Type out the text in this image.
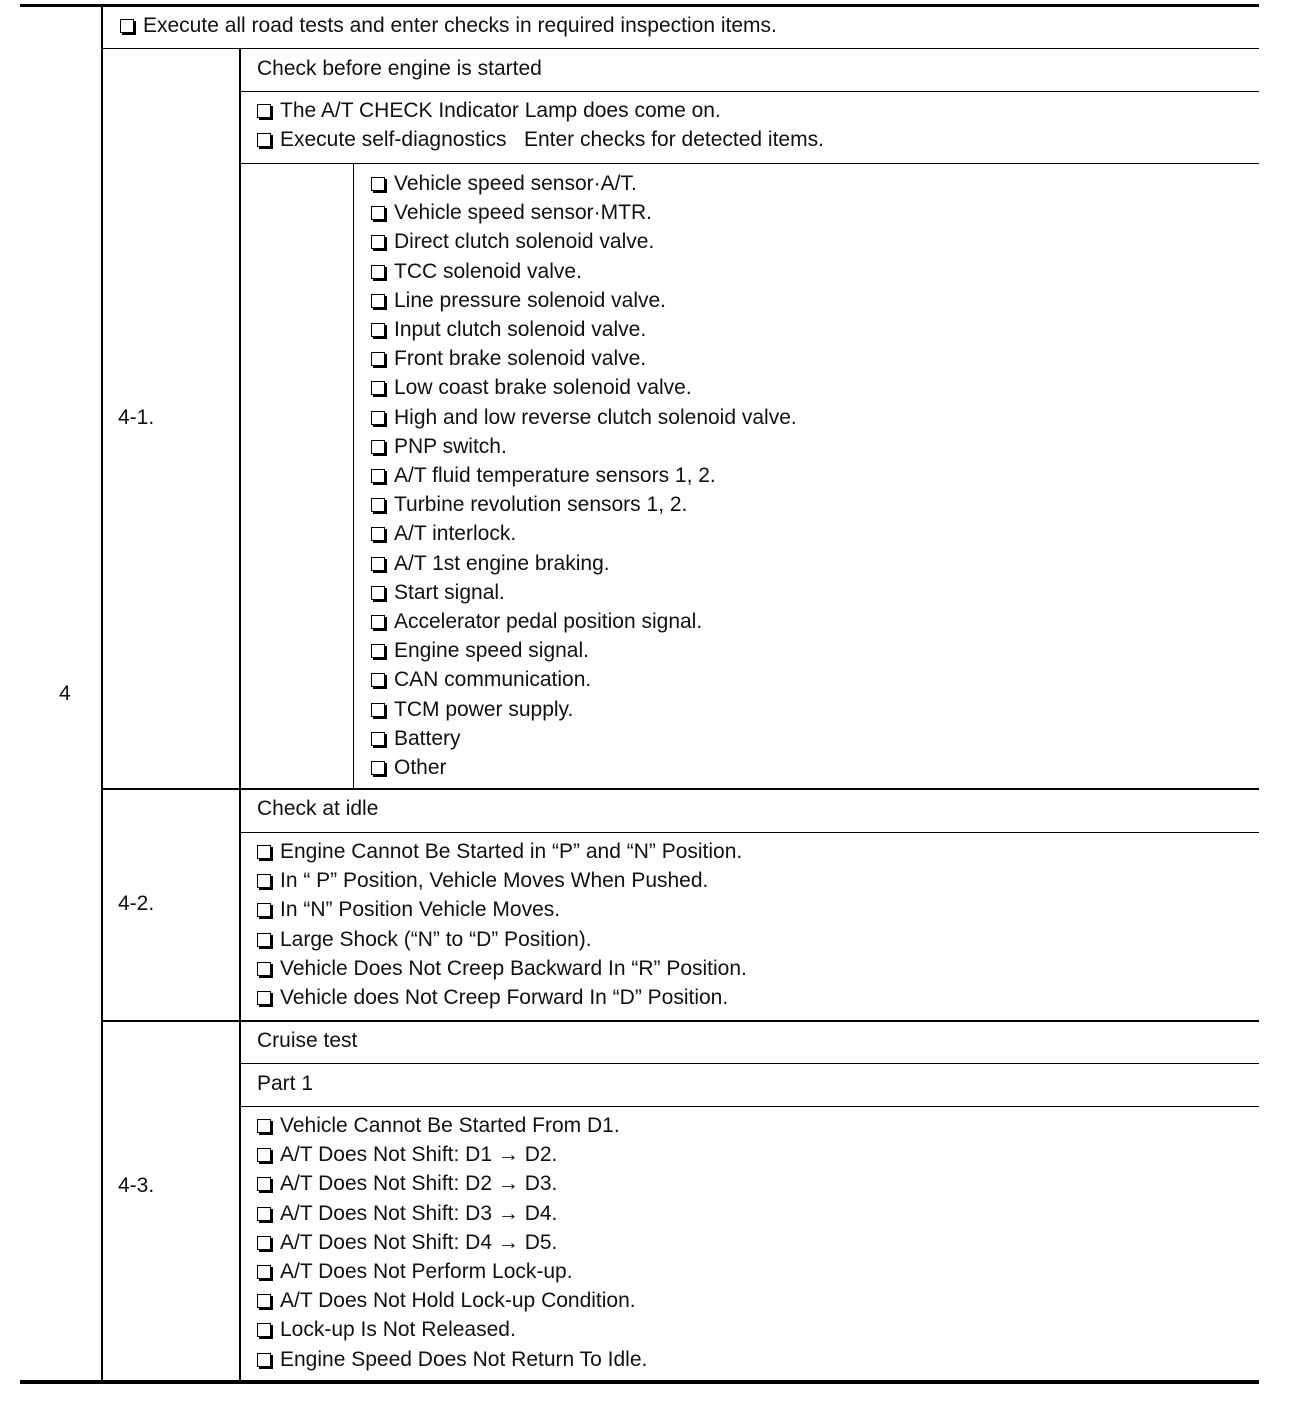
4
Execute all road tests and enter checks in required inspection items.
4-1.
Check before engine is started
The A/T CHECK Indicator Lamp does come on.
Execute self-diagnostics   Enter checks for detected items.
Vehicle speed sensor·A/T.
Vehicle speed sensor·MTR.
Direct clutch solenoid valve.
TCC solenoid valve.
Line pressure solenoid valve.
Input clutch solenoid valve.
Front brake solenoid valve.
Low coast brake solenoid valve.
High and low reverse clutch solenoid valve.
PNP switch.
A/T fluid temperature sensors 1, 2.
Turbine revolution sensors 1, 2.
A/T interlock.
A/T 1st engine braking.
Start signal.
Accelerator pedal position signal.
Engine speed signal.
CAN communication.
TCM power supply.
Battery
Other
4-2.
Check at idle
Engine Cannot Be Started in “P” and “N” Position.
In “ P” Position, Vehicle Moves When Pushed.
In “N” Position Vehicle Moves.
Large Shock (“N” to “D” Position).
Vehicle Does Not Creep Backward In “R” Position.
Vehicle does Not Creep Forward In “D” Position.
4-3.
Cruise test
Part 1
Vehicle Cannot Be Started From D1.
A/T Does Not Shift: D1 → D2.
A/T Does Not Shift: D2 → D3.
A/T Does Not Shift: D3 → D4.
A/T Does Not Shift: D4 → D5.
A/T Does Not Perform Lock-up.
A/T Does Not Hold Lock-up Condition.
Lock-up Is Not Released.
Engine Speed Does Not Return To Idle.
